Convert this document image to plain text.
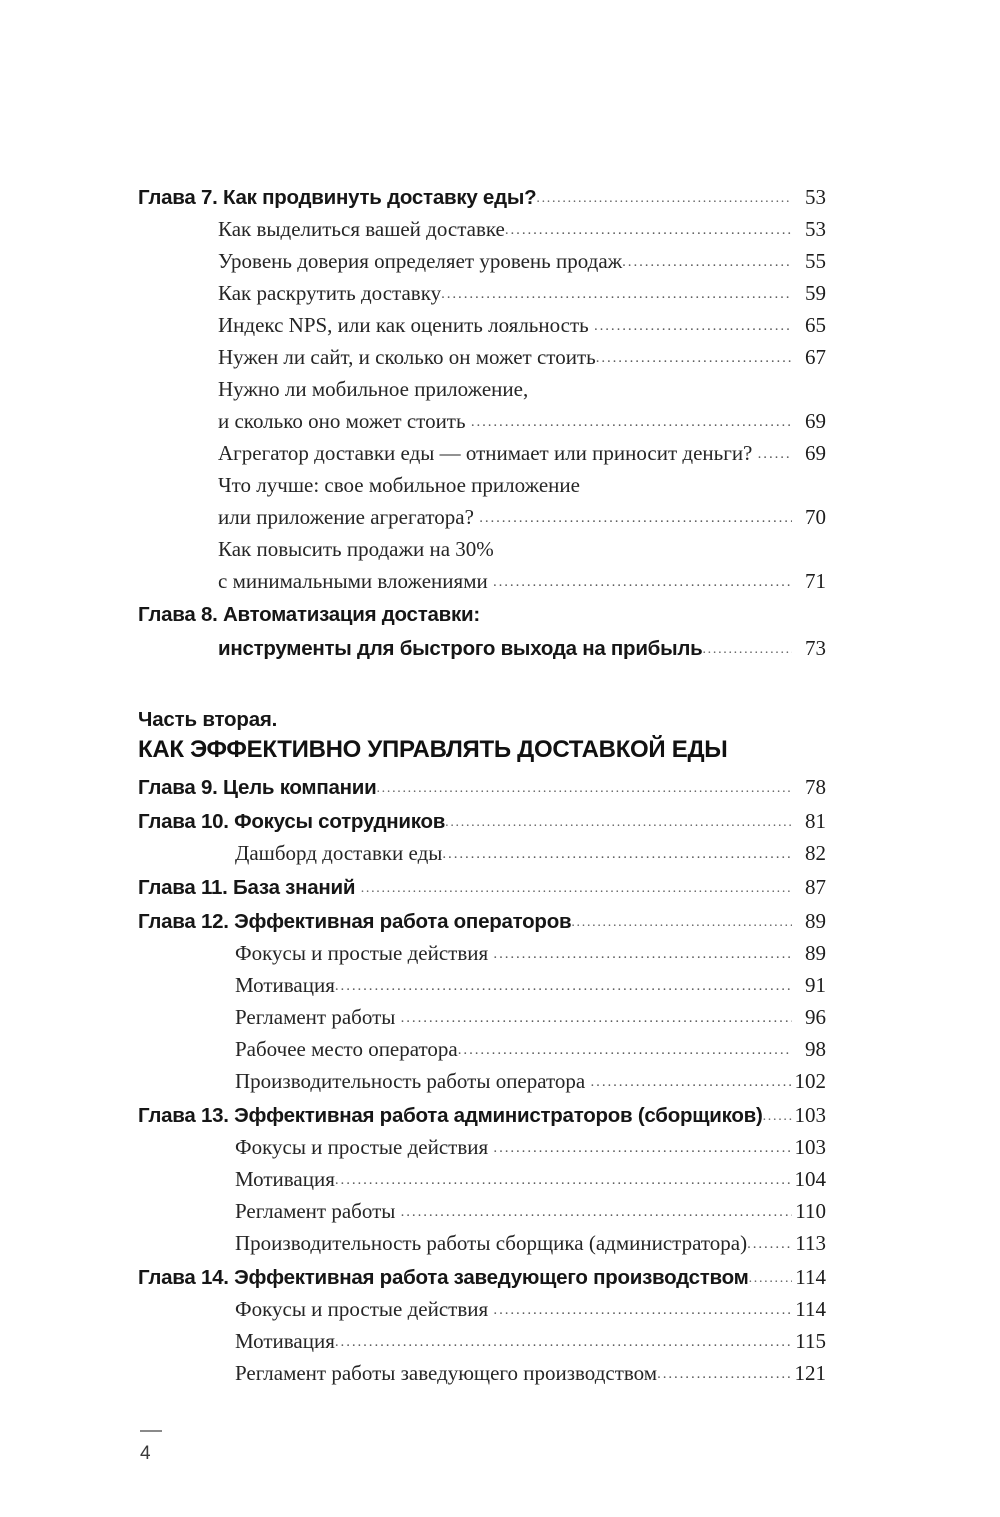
Глава 7. Как продвинуть доставку еды? .....	53
Как выделиться вашей доставке .....	53
Уровень доверия определяет уровень продаж .....	55
Как раскрутить доставку .....	59
Индекс NPS, или как оценить лояльность .....	65
Нужен ли сайт, и сколько он может стоить .....	67
Нужно ли мобильное приложение,
и сколько оно может стоить .....	69
Агрегатор доставки еды — отнимает или приносит деньги? .....	69
Что лучше: свое мобильное приложение
или приложение агрегатора? .....	70
Как повысить продажи на 30%
с минимальными вложениями .....	71
Глава 8. Автоматизация доставки:
инструменты для быстрого выхода на прибыль .....	73
Часть вторая.
КАК ЭФФЕКТИВНО УПРАВЛЯТЬ ДОСТАВКОЙ ЕДЫ
Глава 9. Цель компании .....	78
Глава 10. Фокусы сотрудников .....	81
Дашборд доставки еды .....	82
Глава 11. База знаний .....	87
Глава 12. Эффективная работа операторов .....	89
Фокусы и простые действия .....	89
Мотивация .....	91
Регламент работы .....	96
Рабочее место оператора .....	98
Производительность работы оператора .....	102
Глава 13. Эффективная работа администраторов (сборщиков) ..... 103
Фокусы и простые действия .....	103
Мотивация .....	104
Регламент работы .....	110
Производительность работы сборщика (администратора) ..... 113
Глава 14. Эффективная работа заведующего производством ..... 114
Фокусы и простые действия .....	114
Мотивация .....	115
Регламент работы заведующего производством .....	121
4
